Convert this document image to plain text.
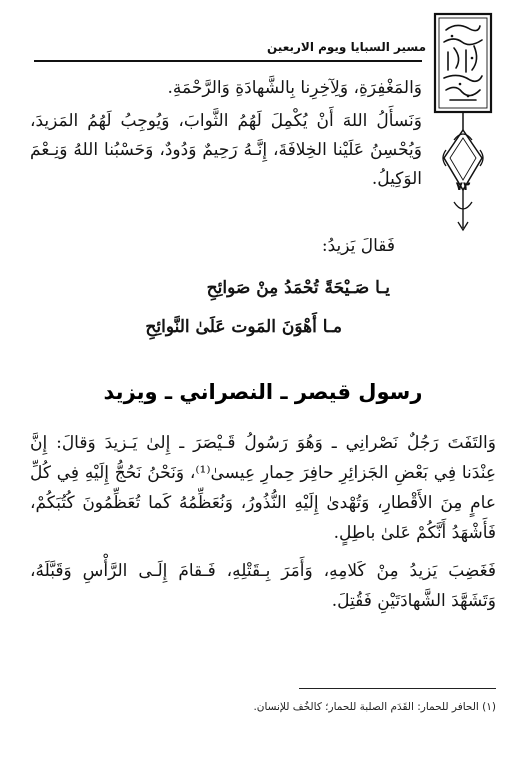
مسير السبايا ويوم الاربعين
٧٢

وَالمَغْفِرَةِ، وَلِآخِرِنا بِالشَّهادَةِ وَالرَّحْمَةِ.

وَنَسأَلُ اللهَ أَنْ يُكْمِلَ لَهُمُ الثَّوابَ، وَيُوجِبُ لَهُمُ المَزيدَ، وَيُحْسِنُ عَلَيْنا الخِلافَةَ، إِنَّـهُ رَحِيمٌ وَدُودٌ، وَحَسْبُنا اللهُ وَنِـعْمَ الوَكِيلُ.

فَقالَ يَزيدُ:

يـا صَـيْحَةً تُحْمَدُ مِنْ صَوائِحِ

مـا أَهْوَنَ المَوت عَلَىٰ النَّوائِحِ

رسول قيصر ـ النصراني ـ ويزيد

وَالتَفَتَ رَجُلٌ نَصْرانِي ـ وَهُوَ رَسُولُ قَـيْصَرَ ـ إِلىٰ يَـزيدَ وَقالَ: إِنَّ عِنْدَنا فِي بَعْضِ الجَزائِرِ حافِرَ حِمارِ عِيسىٰ⁽¹⁾، وَنَحْنُ نَحُجُّ إِلَيْهِ فِي كُلِّ عامٍ مِنَ الأَقْطارِ، وَتُهْدىٰ إِلَيْهِ النُّذُورُ، وَنُعَظِّمُهُ كَما تُعَظِّمُونَ كُتُبَكُمْ، فَأَشْهَدُ أَنَّكُمْ عَلىٰ باطِلٍ.

فَغَضِبَ يَزيدُ مِنْ كَلامِهِ، وَأَمَرَ بِـقَتْلِهِ، فَـقامَ إِلَـى الرَّأْسِ وَقَبَّلَهُ، وَتَشَهَّدَ الشَّهادَتَيْنِ فَقُتِلَ.

(١) الحافر للحمار: القَدَم الصلبة للحمار؛ كالخُف للإنسان.
